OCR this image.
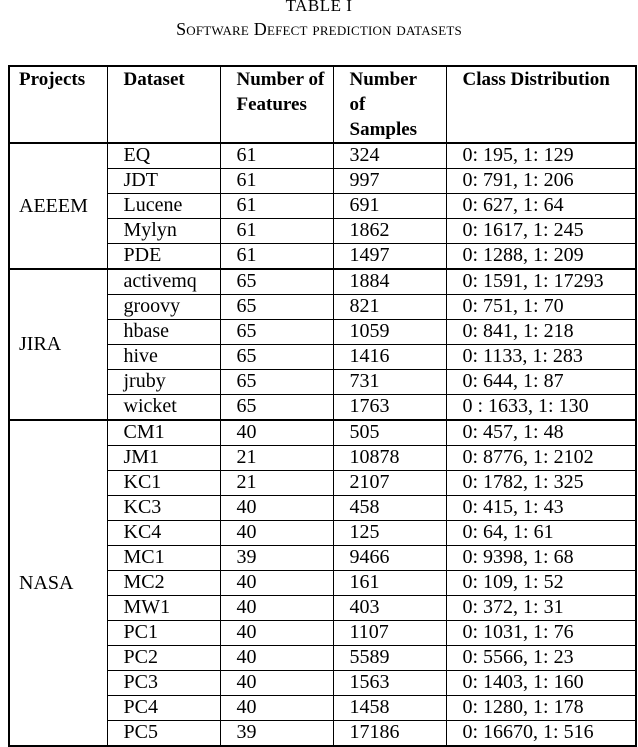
TABLE I
Software Defect prediction datasets
Projects	Dataset	Number of Features	Number of Samples	Class Distribution
AEEEM	EQ	61	324	0: 195, 1: 129
	JDT	61	997	0: 791, 1: 206
	Lucene	61	691	0: 627, 1: 64
	Mylyn	61	1862	0: 1617, 1: 245
	PDE	61	1497	0: 1288, 1: 209
JIRA	activemq	65	1884	0: 1591, 1: 17293
	groovy	65	821	0: 751, 1: 70
	hbase	65	1059	0: 841, 1: 218
	hive	65	1416	0: 1133, 1: 283
	jruby	65	731	0: 644, 1: 87
	wicket	65	1763	0 : 1633, 1: 130
NASA	CM1	40	505	0: 457, 1: 48
	JM1	21	10878	0: 8776, 1: 2102
	KC1	21	2107	0: 1782, 1: 325
	KC3	40	458	0: 415, 1: 43
	KC4	40	125	0: 64, 1: 61
	MC1	39	9466	0: 9398, 1: 68
	MC2	40	161	0: 109, 1: 52
	MW1	40	403	0: 372, 1: 31
	PC1	40	1107	0: 1031, 1: 76
	PC2	40	5589	0: 5566, 1: 23
	PC3	40	1563	0: 1403, 1: 160
	PC4	40	1458	0: 1280, 1: 178
	PC5	39	17186	0: 16670, 1: 516
